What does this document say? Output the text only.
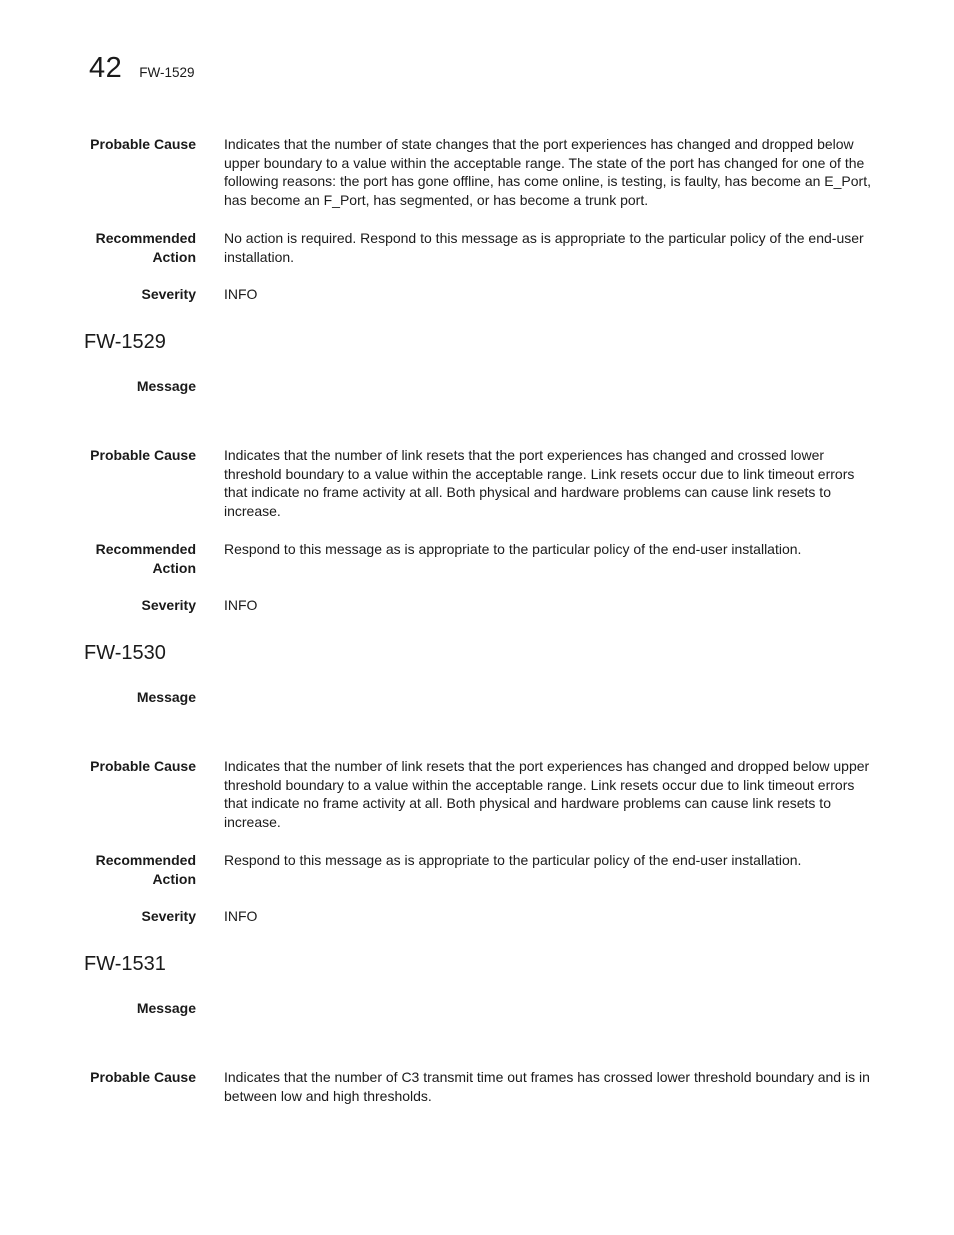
42 FW-1529
Probable Cause Indicates that the number of state changes that the port experiences has changed and dropped below upper boundary to a value within the acceptable range. The state of the port has changed for one of the following reasons: the port has gone offline, has come online, is testing, is faulty, has become an E_Port, has become an F_Port, has segmented, or has become a trunk port.
Recommended
Action
No action is required. Respond to this message as is appropriate to the particular policy of the end-user installation.
Severity INFO
FW-1529
Message
Probable Cause Indicates that the number of link resets that the port experiences has changed and crossed lower threshold boundary to a value within the acceptable range. Link resets occur due to link timeout errors that indicate no frame activity at all. Both physical and hardware problems can cause link resets to increase.
Recommended
Action
Respond to this message as is appropriate to the particular policy of the end-user installation.
Severity INFO
FW-1530
Message
Probable Cause Indicates that the number of link resets that the port experiences has changed and dropped below upper threshold boundary to a value within the acceptable range. Link resets occur due to link timeout errors that indicate no frame activity at all. Both physical and hardware problems can cause link resets to increase.
Recommended
Action
Respond to this message as is appropriate to the particular policy of the end-user installation.
Severity INFO
FW-1531
Message
Probable Cause Indicates that the number of C3 transmit time out frames has crossed lower threshold boundary and is in between low and high thresholds.
